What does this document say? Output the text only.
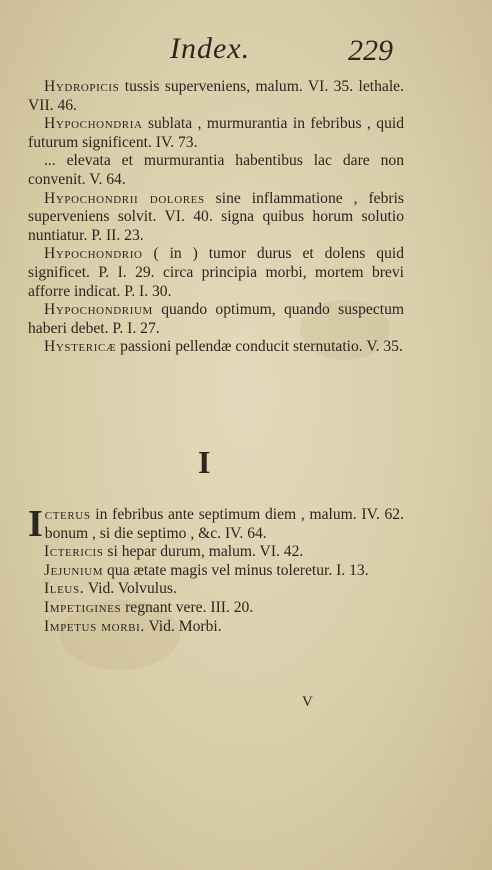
Index.	229

Hydropicis tussis superveniens, malum. VI. 35. lethale. VII. 46.

Hypochondria sublata , murmurantia in febribus , quid futurum significent. IV. 73.

... elevata et murmurantia habentibus lac dare non convenit. V. 64.

Hypochondrii dolores sine inflammatione , febris superveniens solvit. VI. 40. signa quibus horum solutio nuntiatur. P. II. 23.

Hypochondrio ( in ) tumor durus et dolens quid significet. P. I. 29. circa principia morbi, mortem brevi afforre indicat. P. I. 30.

Hypochondrium quando optimum, quando suspectum haberi debet. P. I. 27.

Hystericæ passioni pellendæ conducit sternutatio. V. 35.

I

Icterus in febribus ante septimum diem , malum. IV. 62. bonum , si die septimo , &c. IV. 64.

Ictericis si hepar durum, malum. VI. 42.

Jejunium qua ætate magis vel minus toleretur. I. 13.

Ileus. Vid. Volvulus.

Impetigines regnant vere. III. 20.

Impetus morbi. Vid. Morbi.

V
